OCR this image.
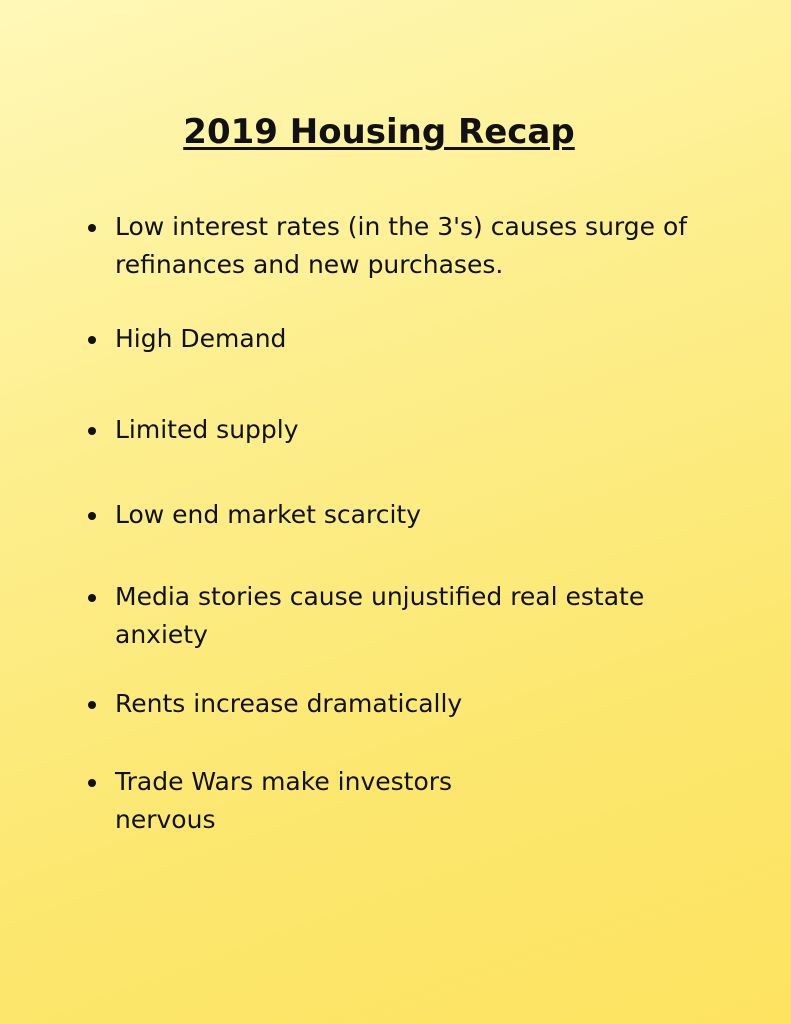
2019 Housing Recap
Low interest rates (in the 3's) causes surge of
refinances and new purchases.
High Demand
Limited supply
Low end market scarcity
Media stories cause unjustified real estate
anxiety
Rents increase dramatically
Trade Wars make investors
nervous
